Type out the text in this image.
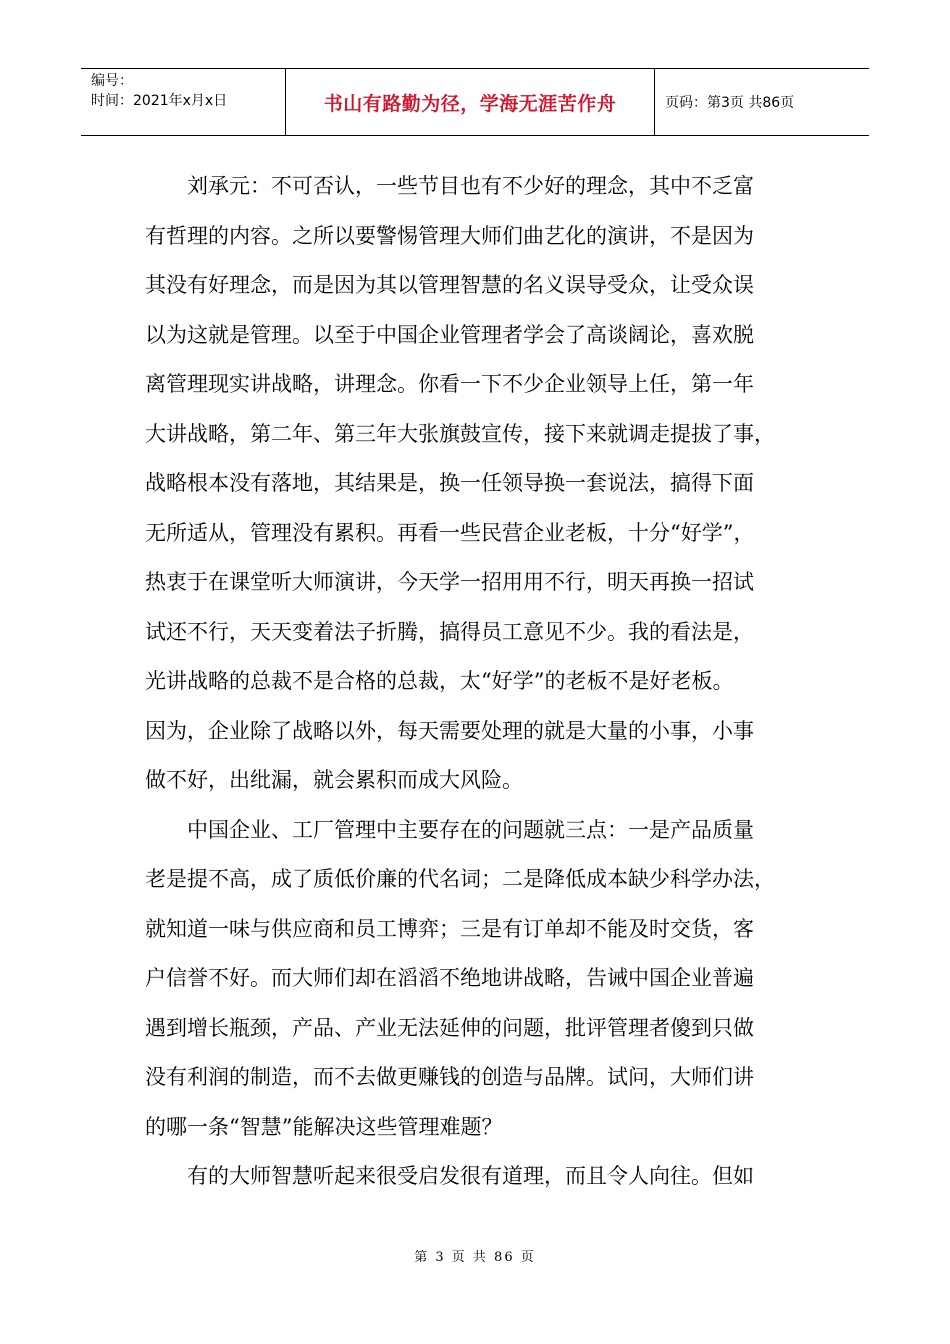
编号：
时间：2021年x月x日	书山有路勤为径，学海无涯苦作舟	页码：第3页 共86页
刘承元：不可否认，一些节目也有不少好的理念，其中不乏富
有哲理的内容。之所以要警惕管理大师们曲艺化的演讲，不是因为
其没有好理念，而是因为其以管理智慧的名义误导受众，让受众误
以为这就是管理。以至于中国企业管理者学会了高谈阔论，喜欢脱
离管理现实讲战略，讲理念。你看一下不少企业领导上任，第一年
大讲战略，第二年、第三年大张旗鼓宣传，接下来就调走提拔了事，
战略根本没有落地，其结果是，换一任领导换一套说法，搞得下面
无所适从，管理没有累积。再看一些民营企业老板，十分“好学”，
热衷于在课堂听大师演讲，今天学一招用用不行，明天再换一招试
试还不行，天天变着法子折腾，搞得员工意见不少。我的看法是，
光讲战略的总裁不是合格的总裁，太“好学”的老板不是好老板。
因为，企业除了战略以外，每天需要处理的就是大量的小事，小事
做不好，出纰漏，就会累积而成大风险。
中国企业、工厂管理中主要存在的问题就三点：一是产品质量
老是提不高，成了质低价廉的代名词；二是降低成本缺少科学办法，
就知道一味与供应商和员工博弈；三是有订单却不能及时交货，客
户信誉不好。而大师们却在滔滔不绝地讲战略，告诫中国企业普遍
遇到增长瓶颈，产品、产业无法延伸的问题，批评管理者傻到只做
没有利润的制造，而不去做更赚钱的创造与品牌。试问，大师们讲
的哪一条“智慧”能解决这些管理难题？
有的大师智慧听起来很受启发很有道理，而且令人向往。但如
第 3 页 共 86 页
